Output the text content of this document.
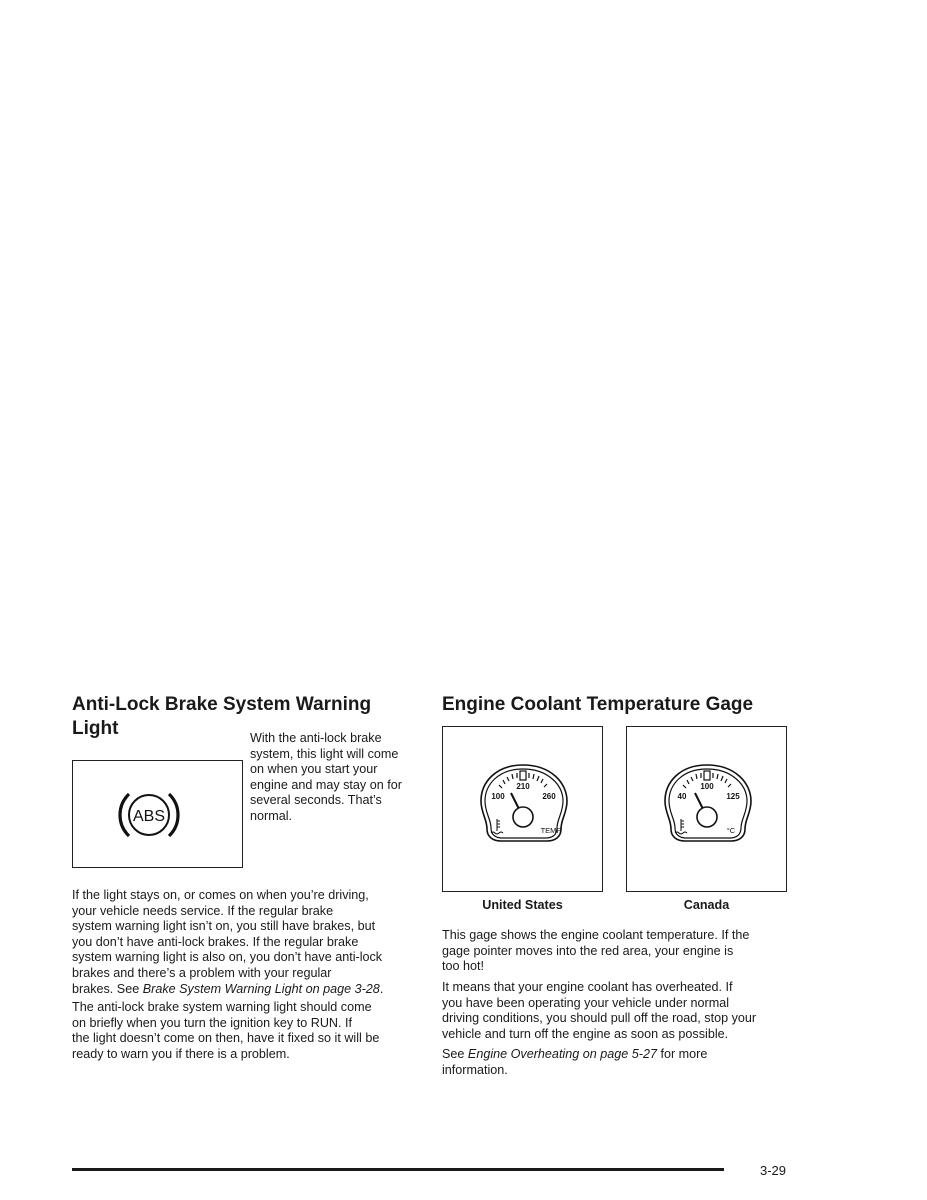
Anti-Lock Brake System Warning
Light
ABS
With the anti-lock brake
system, this light will come
on when you start your
engine and may stay on for
several seconds. That’s
normal.
If the light stays on, or comes on when you’re driving,
your vehicle needs service. If the regular brake
system warning light isn’t on, you still have brakes, but
you don’t have anti-lock brakes. If the regular brake
system warning light is also on, you don’t have anti-lock
brakes and there’s a problem with your regular
brakes. See Brake System Warning Light on page 3-28.
The anti-lock brake system warning light should come
on briefly when you turn the ignition key to RUN. If
the light doesn’t come on then, have it fixed so it will be
ready to warn you if there is a problem.
Engine Coolant Temperature Gage
210
100	260
TEMP
United States
100
40	125
°C
Canada
This gage shows the engine coolant temperature. If the
gage pointer moves into the red area, your engine is
too hot!
It means that your engine coolant has overheated. If
you have been operating your vehicle under normal
driving conditions, you should pull off the road, stop your
vehicle and turn off the engine as soon as possible.
See Engine Overheating on page 5-27 for more
information.
3-29
